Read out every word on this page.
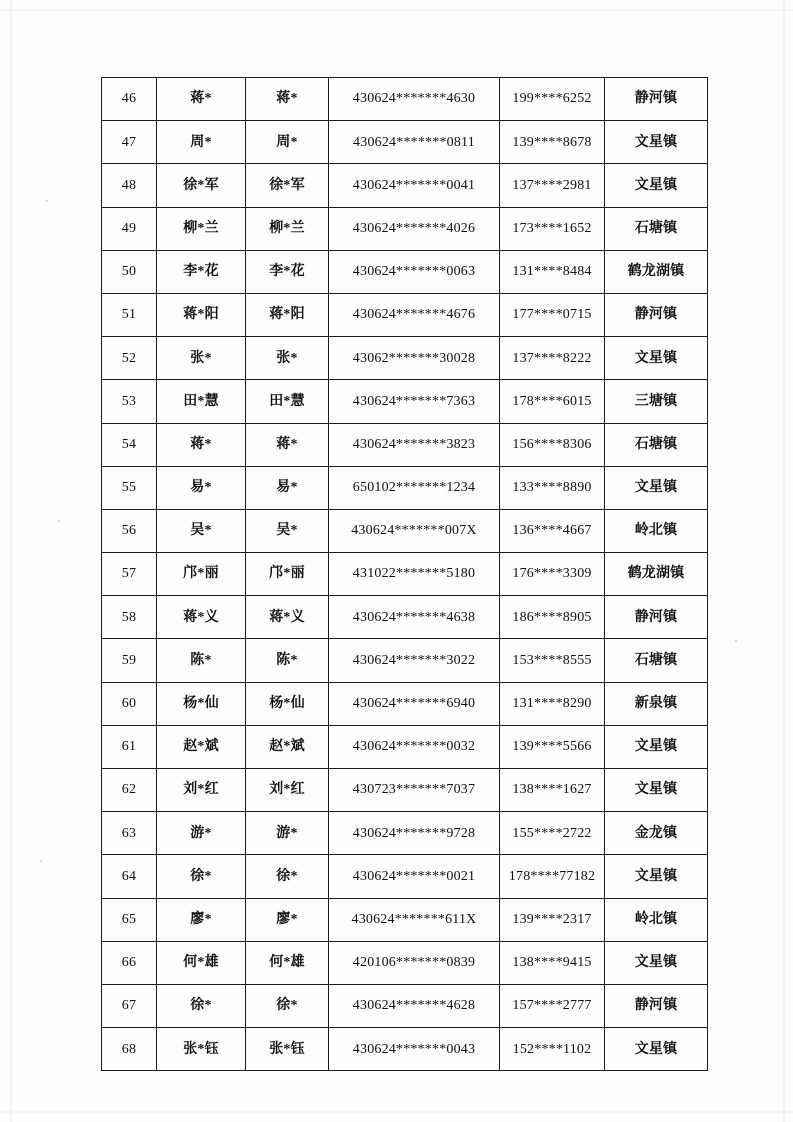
46	蒋*	蒋*	430624*******4630	199****6252	静河镇
47	周*	周*	430624*******0811	139****8678	文星镇
48	徐*军	徐*军	430624*******0041	137****2981	文星镇
49	柳*兰	柳*兰	430624*******4026	173****1652	石塘镇
50	李*花	李*花	430624*******0063	131****8484	鹤龙湖镇
51	蒋*阳	蒋*阳	430624*******4676	177****0715	静河镇
52	张*	张*	43062*******30028	137****8222	文星镇
53	田*慧	田*慧	430624*******7363	178****6015	三塘镇
54	蒋*	蒋*	430624*******3823	156****8306	石塘镇
55	易*	易*	650102*******1234	133****8890	文星镇
56	吴*	吴*	430624*******007X	136****4667	岭北镇
57	邝*丽	邝*丽	431022*******5180	176****3309	鹤龙湖镇
58	蒋*义	蒋*义	430624*******4638	186****8905	静河镇
59	陈*	陈*	430624*******3022	153****8555	石塘镇
60	杨*仙	杨*仙	430624*******6940	131****8290	新泉镇
61	赵*斌	赵*斌	430624*******0032	139****5566	文星镇
62	刘*红	刘*红	430723*******7037	138****1627	文星镇
63	游*	游*	430624*******9728	155****2722	金龙镇
64	徐*	徐*	430624*******0021	178****77182	文星镇
65	廖*	廖*	430624*******611X	139****2317	岭北镇
66	何*雄	何*雄	420106*******0839	138****9415	文星镇
67	徐*	徐*	430624*******4628	157****2777	静河镇
68	张*钰	张*钰	430624*******0043	152****1102	文星镇
